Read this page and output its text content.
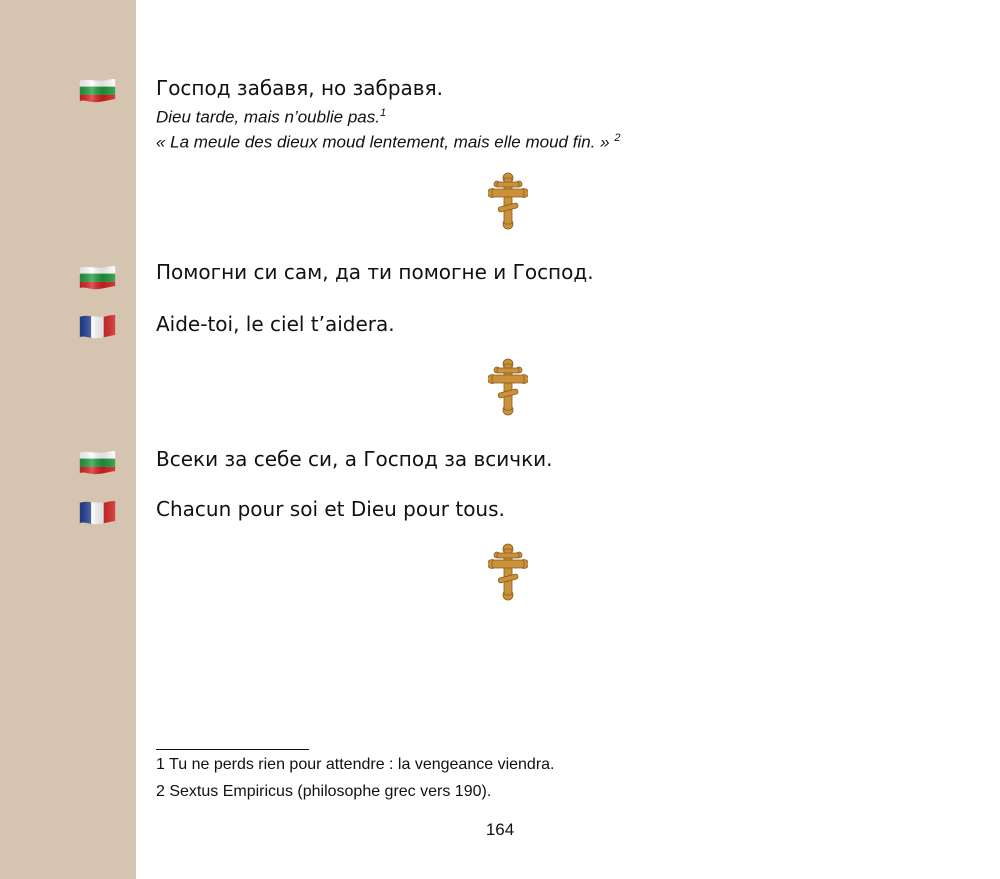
Господ забавя, но забравя.
Dieu tarde, mais n’oublie pas.$^1$
« La meule des dieux moud lentement, mais elle moud fin. » $^2$
Помогни си сам, да ти помогне и Господ.
Aide-toi, le ciel t’aidera.
Всеки за себе си, а Господ за всички.
Chacun pour soi et Dieu pour tous.
1 Tu ne perds rien pour attendre : la vengeance viendra.
2 Sextus Empiricus (philosophe grec vers 190).
164
